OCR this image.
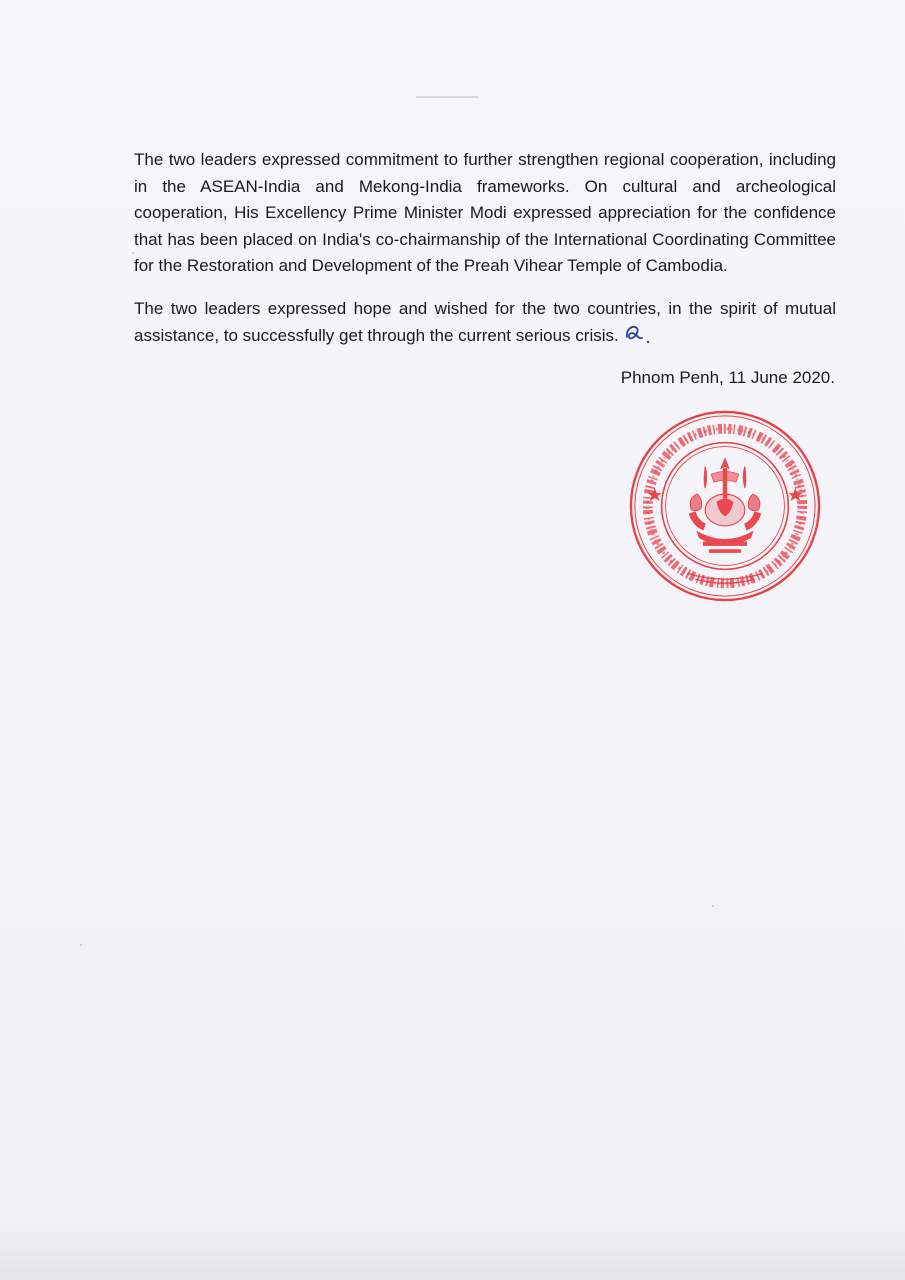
The two leaders expressed commitment to further strengthen regional cooperation, including in the ASEAN-India and Mekong-India frameworks. On cultural and archeological cooperation, His Excellency Prime Minister Modi expressed appreciation for the confidence that has been placed on India's co-chairmanship of the International Coordinating Committee for the Restoration and Development of the Preah Vihear Temple of Cambodia.

The two leaders expressed hope and wished for the two countries, in the spirit of mutual assistance, to successfully get through the current serious crisis.

Phnom Penh, 11 June 2020.
